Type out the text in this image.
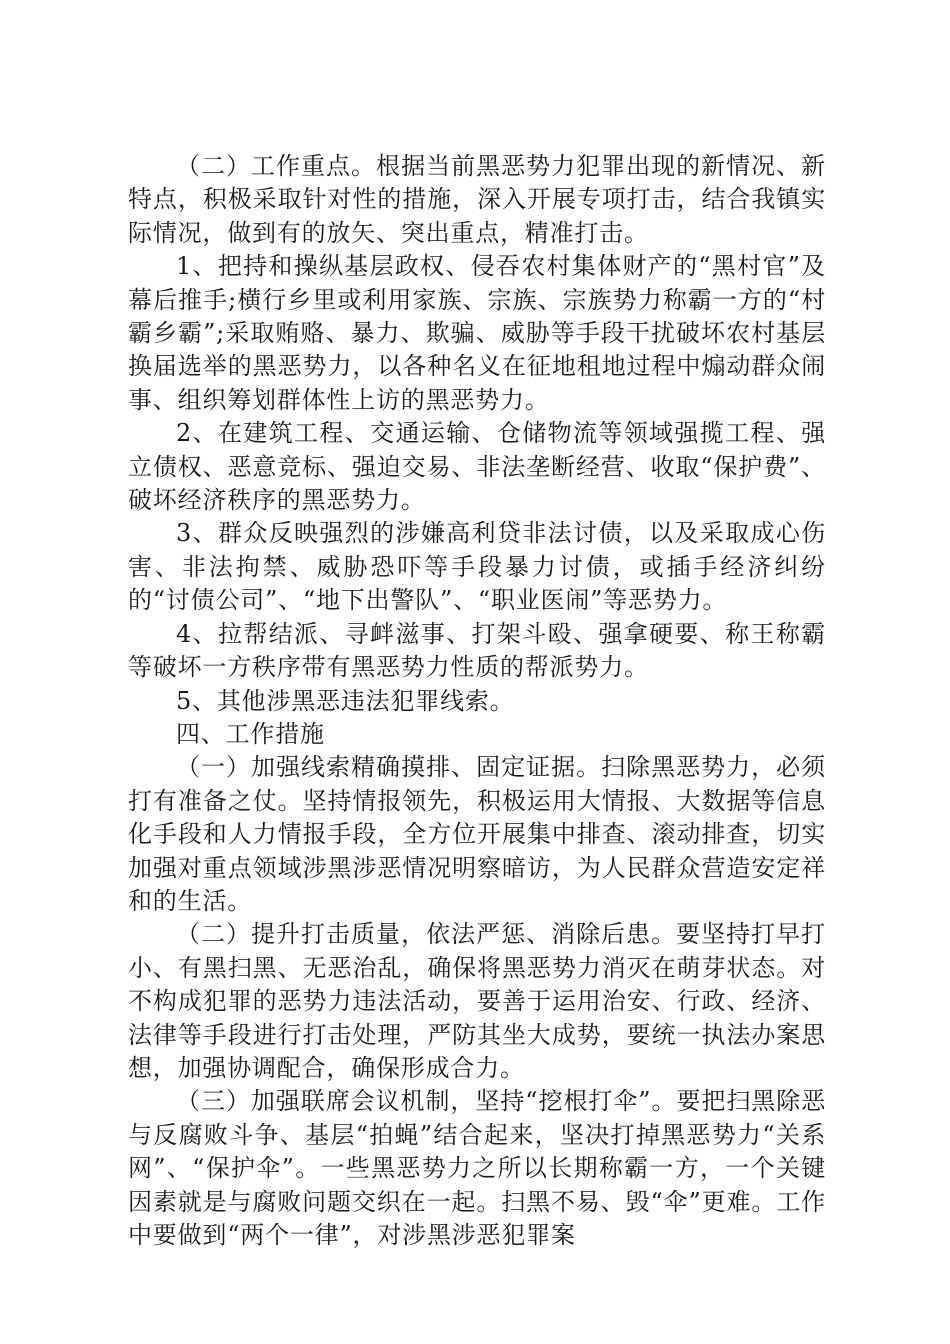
（二）工作重点。根据当前黑恶势力犯罪出现的新情况、新特点，积极采取针对性的措施，深入开展专项打击，结合我镇实际情况，做到有的放矢、突出重点，精准打击。

1、把持和操纵基层政权、侵吞农村集体财产的“黑村官”及幕后推手;横行乡里或利用家族、宗族、宗族势力称霸一方的“村霸乡霸”;采取贿赂、暴力、欺骗、威胁等手段干扰破坏农村基层换届选举的黑恶势力，以各种名义在征地租地过程中煽动群众闹事、组织筹划群体性上访的黑恶势力。

2、在建筑工程、交通运输、仓储物流等领域强揽工程、强立债权、恶意竞标、强迫交易、非法垄断经营、收取“保护费”、破坏经济秩序的黑恶势力。

3、群众反映强烈的涉嫌高利贷非法讨债，以及采取成心伤害、非法拘禁、威胁恐吓等手段暴力讨债，或插手经济纠纷的“讨债公司”、“地下出警队”、“职业医闹”等恶势力。

4、拉帮结派、寻衅滋事、打架斗殴、强拿硬要、称王称霸等破坏一方秩序带有黑恶势力性质的帮派势力。

5、其他涉黑恶违法犯罪线索。

四、工作措施

（一）加强线索精确摸排、固定证据。扫除黑恶势力，必须打有准备之仗。坚持情报领先，积极运用大情报、大数据等信息化手段和人力情报手段，全方位开展集中排查、滚动排查，切实加强对重点领域涉黑涉恶情况明察暗访，为人民群众营造安定祥和的生活。

（二）提升打击质量，依法严惩、消除后患。要坚持打早打小、有黑扫黑、无恶治乱，确保将黑恶势力消灭在萌芽状态。对不构成犯罪的恶势力违法活动，要善于运用治安、行政、经济、法律等手段进行打击处理，严防其坐大成势，要统一执法办案思想，加强协调配合，确保形成合力。

（三）加强联席会议机制，坚持“挖根打伞”。要把扫黑除恶与反腐败斗争、基层“拍蝇”结合起来，坚决打掉黑恶势力“关系网”、“保护伞”。一些黑恶势力之所以长期称霸一方，一个关键因素就是与腐败问题交织在一起。扫黑不易、毁“伞”更难。工作中要做到“两个一律”，对涉黑涉恶犯罪案
